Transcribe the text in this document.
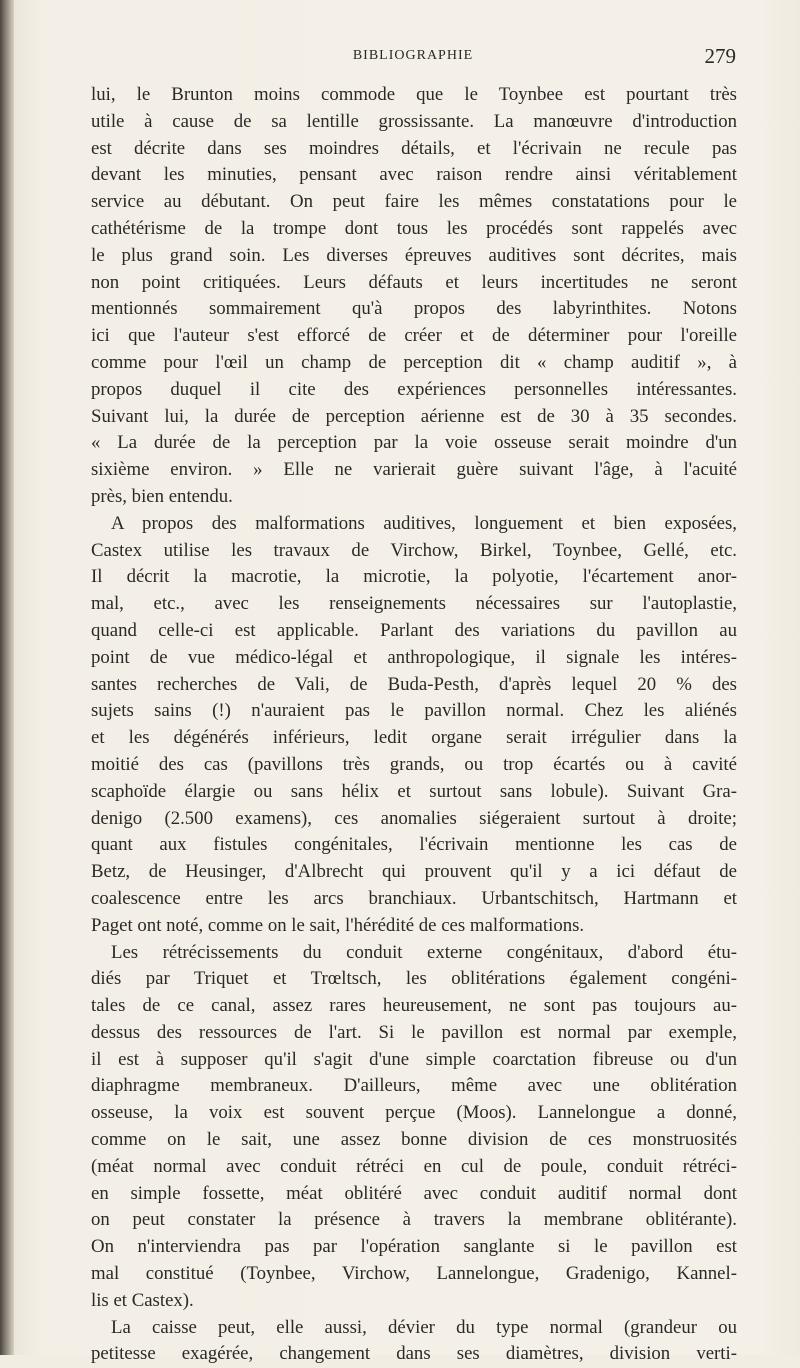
BIBLIOGRAPHIE	279
lui, le Brunton moins commode que le Toynbee est pourtant très
utile à cause de sa lentille grossissante. La manœuvre d'introduction
est décrite dans ses moindres détails, et l'écrivain ne recule pas
devant les minuties, pensant avec raison rendre ainsi véritablement
service au débutant. On peut faire les mêmes constatations pour le
cathétérisme de la trompe dont tous les procédés sont rappelés avec
le plus grand soin. Les diverses épreuves auditives sont décrites, mais
non point critiquées. Leurs défauts et leurs incertitudes ne seront
mentionnés sommairement qu'à propos des labyrinthites. Notons
ici que l'auteur s'est efforcé de créer et de déterminer pour l'oreille
comme pour l'œil un champ de perception dit « champ auditif », à
propos duquel il cite des expériences personnelles intéressantes.
Suivant lui, la durée de perception aérienne est de 30 à 35 secondes.
« La durée de la perception par la voie osseuse serait moindre d'un
sixième environ. » Elle ne varierait guère suivant l'âge, à l'acuité
près, bien entendu.
A propos des malformations auditives, longuement et bien exposées,
Castex utilise les travaux de Virchow, Birkel, Toynbee, Gellé, etc.
Il décrit la macrotie, la microtie, la polyotie, l'écartement anor-
mal, etc., avec les renseignements nécessaires sur l'autoplastie,
quand celle-ci est applicable. Parlant des variations du pavillon au
point de vue médico-légal et anthropologique, il signale les intéres-
santes recherches de Vali, de Buda-Pesth, d'après lequel 20 % des
sujets sains (!) n'auraient pas le pavillon normal. Chez les aliénés
et les dégénérés inférieurs, ledit organe serait irrégulier dans la
moitié des cas (pavillons très grands, ou trop écartés ou à cavité
scaphoïde élargie ou sans hélix et surtout sans lobule). Suivant Gra-
denigo (2.500 examens), ces anomalies siégeraient surtout à droite;
quant aux fistules congénitales, l'écrivain mentionne les cas de
Betz, de Heusinger, d'Albrecht qui prouvent qu'il y a ici défaut de
coalescence entre les arcs branchiaux. Urbantschitsch, Hartmann et
Paget ont noté, comme on le sait, l'hérédité de ces malformations.
Les rétrécissements du conduit externe congénitaux, d'abord étu-
diés par Triquet et Trœltsch, les oblitérations également congéni-
tales de ce canal, assez rares heureusement, ne sont pas toujours au-
dessus des ressources de l'art. Si le pavillon est normal par exemple,
il est à supposer qu'il s'agit d'une simple coarctation fibreuse ou d'un
diaphragme membraneux. D'ailleurs, même avec une oblitération
osseuse, la voix est souvent perçue (Moos). Lannelongue a donné,
comme on le sait, une assez bonne division de ces monstruosités
(méat normal avec conduit rétréci en cul de poule, conduit rétréci-
en simple fossette, méat oblitéré avec conduit auditif normal dont
on peut constater la présence à travers la membrane oblitérante).
On n'interviendra pas par l'opération sanglante si le pavillon est
mal constitué (Toynbee, Virchow, Lannelongue, Gradenigo, Kannel-
lis et Castex).
La caisse peut, elle aussi, dévier du type normal (grandeur ou
petitesse exagérée, changement dans ses diamètres, division verti-
